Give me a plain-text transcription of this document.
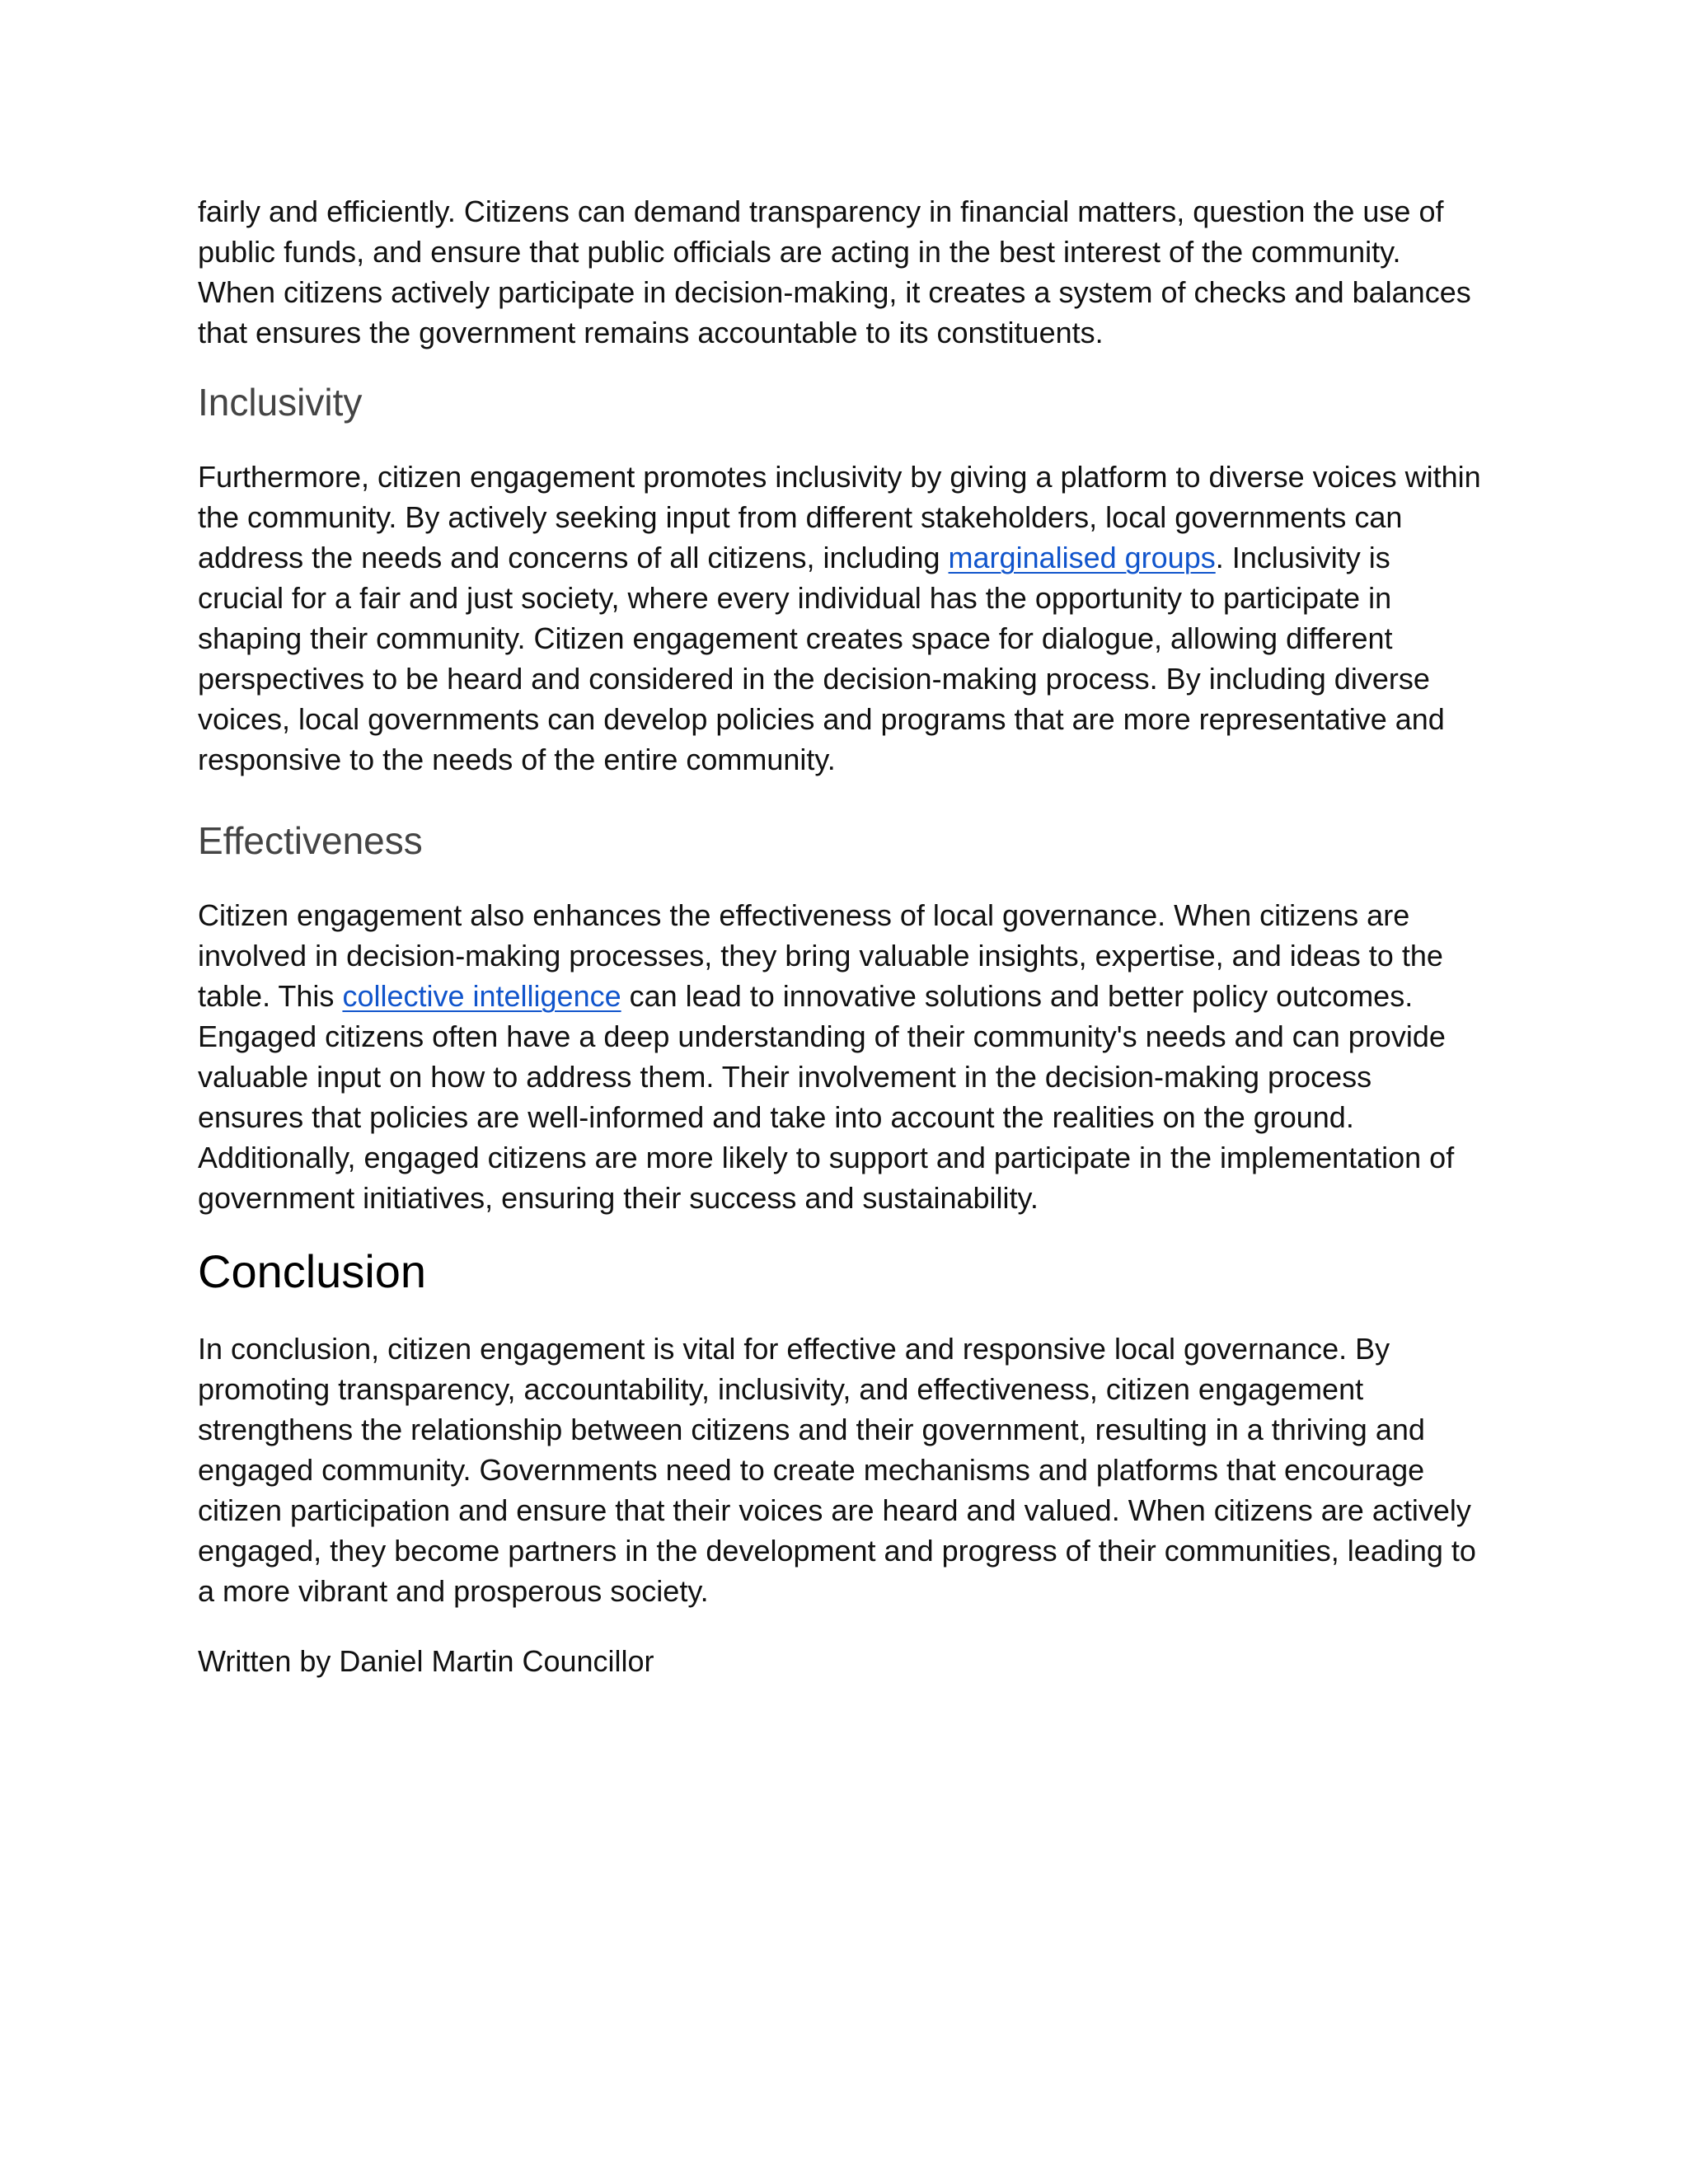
fairly and efficiently. Citizens can demand transparency in financial matters, question the use of public funds, and ensure that public officials are acting in the best interest of the community. When citizens actively participate in decision-making, it creates a system of checks and balances that ensures the government remains accountable to its constituents.

Inclusivity

Furthermore, citizen engagement promotes inclusivity by giving a platform to diverse voices within the community. By actively seeking input from different stakeholders, local governments can address the needs and concerns of all citizens, including marginalised groups. Inclusivity is crucial for a fair and just society, where every individual has the opportunity to participate in shaping their community. Citizen engagement creates space for dialogue, allowing different perspectives to be heard and considered in the decision-making process. By including diverse voices, local governments can develop policies and programs that are more representative and responsive to the needs of the entire community.

Effectiveness

Citizen engagement also enhances the effectiveness of local governance. When citizens are involved in decision-making processes, they bring valuable insights, expertise, and ideas to the table. This collective intelligence can lead to innovative solutions and better policy outcomes. Engaged citizens often have a deep understanding of their community's needs and can provide valuable input on how to address them. Their involvement in the decision-making process ensures that policies are well-informed and take into account the realities on the ground. Additionally, engaged citizens are more likely to support and participate in the implementation of government initiatives, ensuring their success and sustainability.

Conclusion

In conclusion, citizen engagement is vital for effective and responsive local governance. By promoting transparency, accountability, inclusivity, and effectiveness, citizen engagement strengthens the relationship between citizens and their government, resulting in a thriving and engaged community. Governments need to create mechanisms and platforms that encourage citizen participation and ensure that their voices are heard and valued. When citizens are actively engaged, they become partners in the development and progress of their communities, leading to a more vibrant and prosperous society.

Written by Daniel Martin Councillor
